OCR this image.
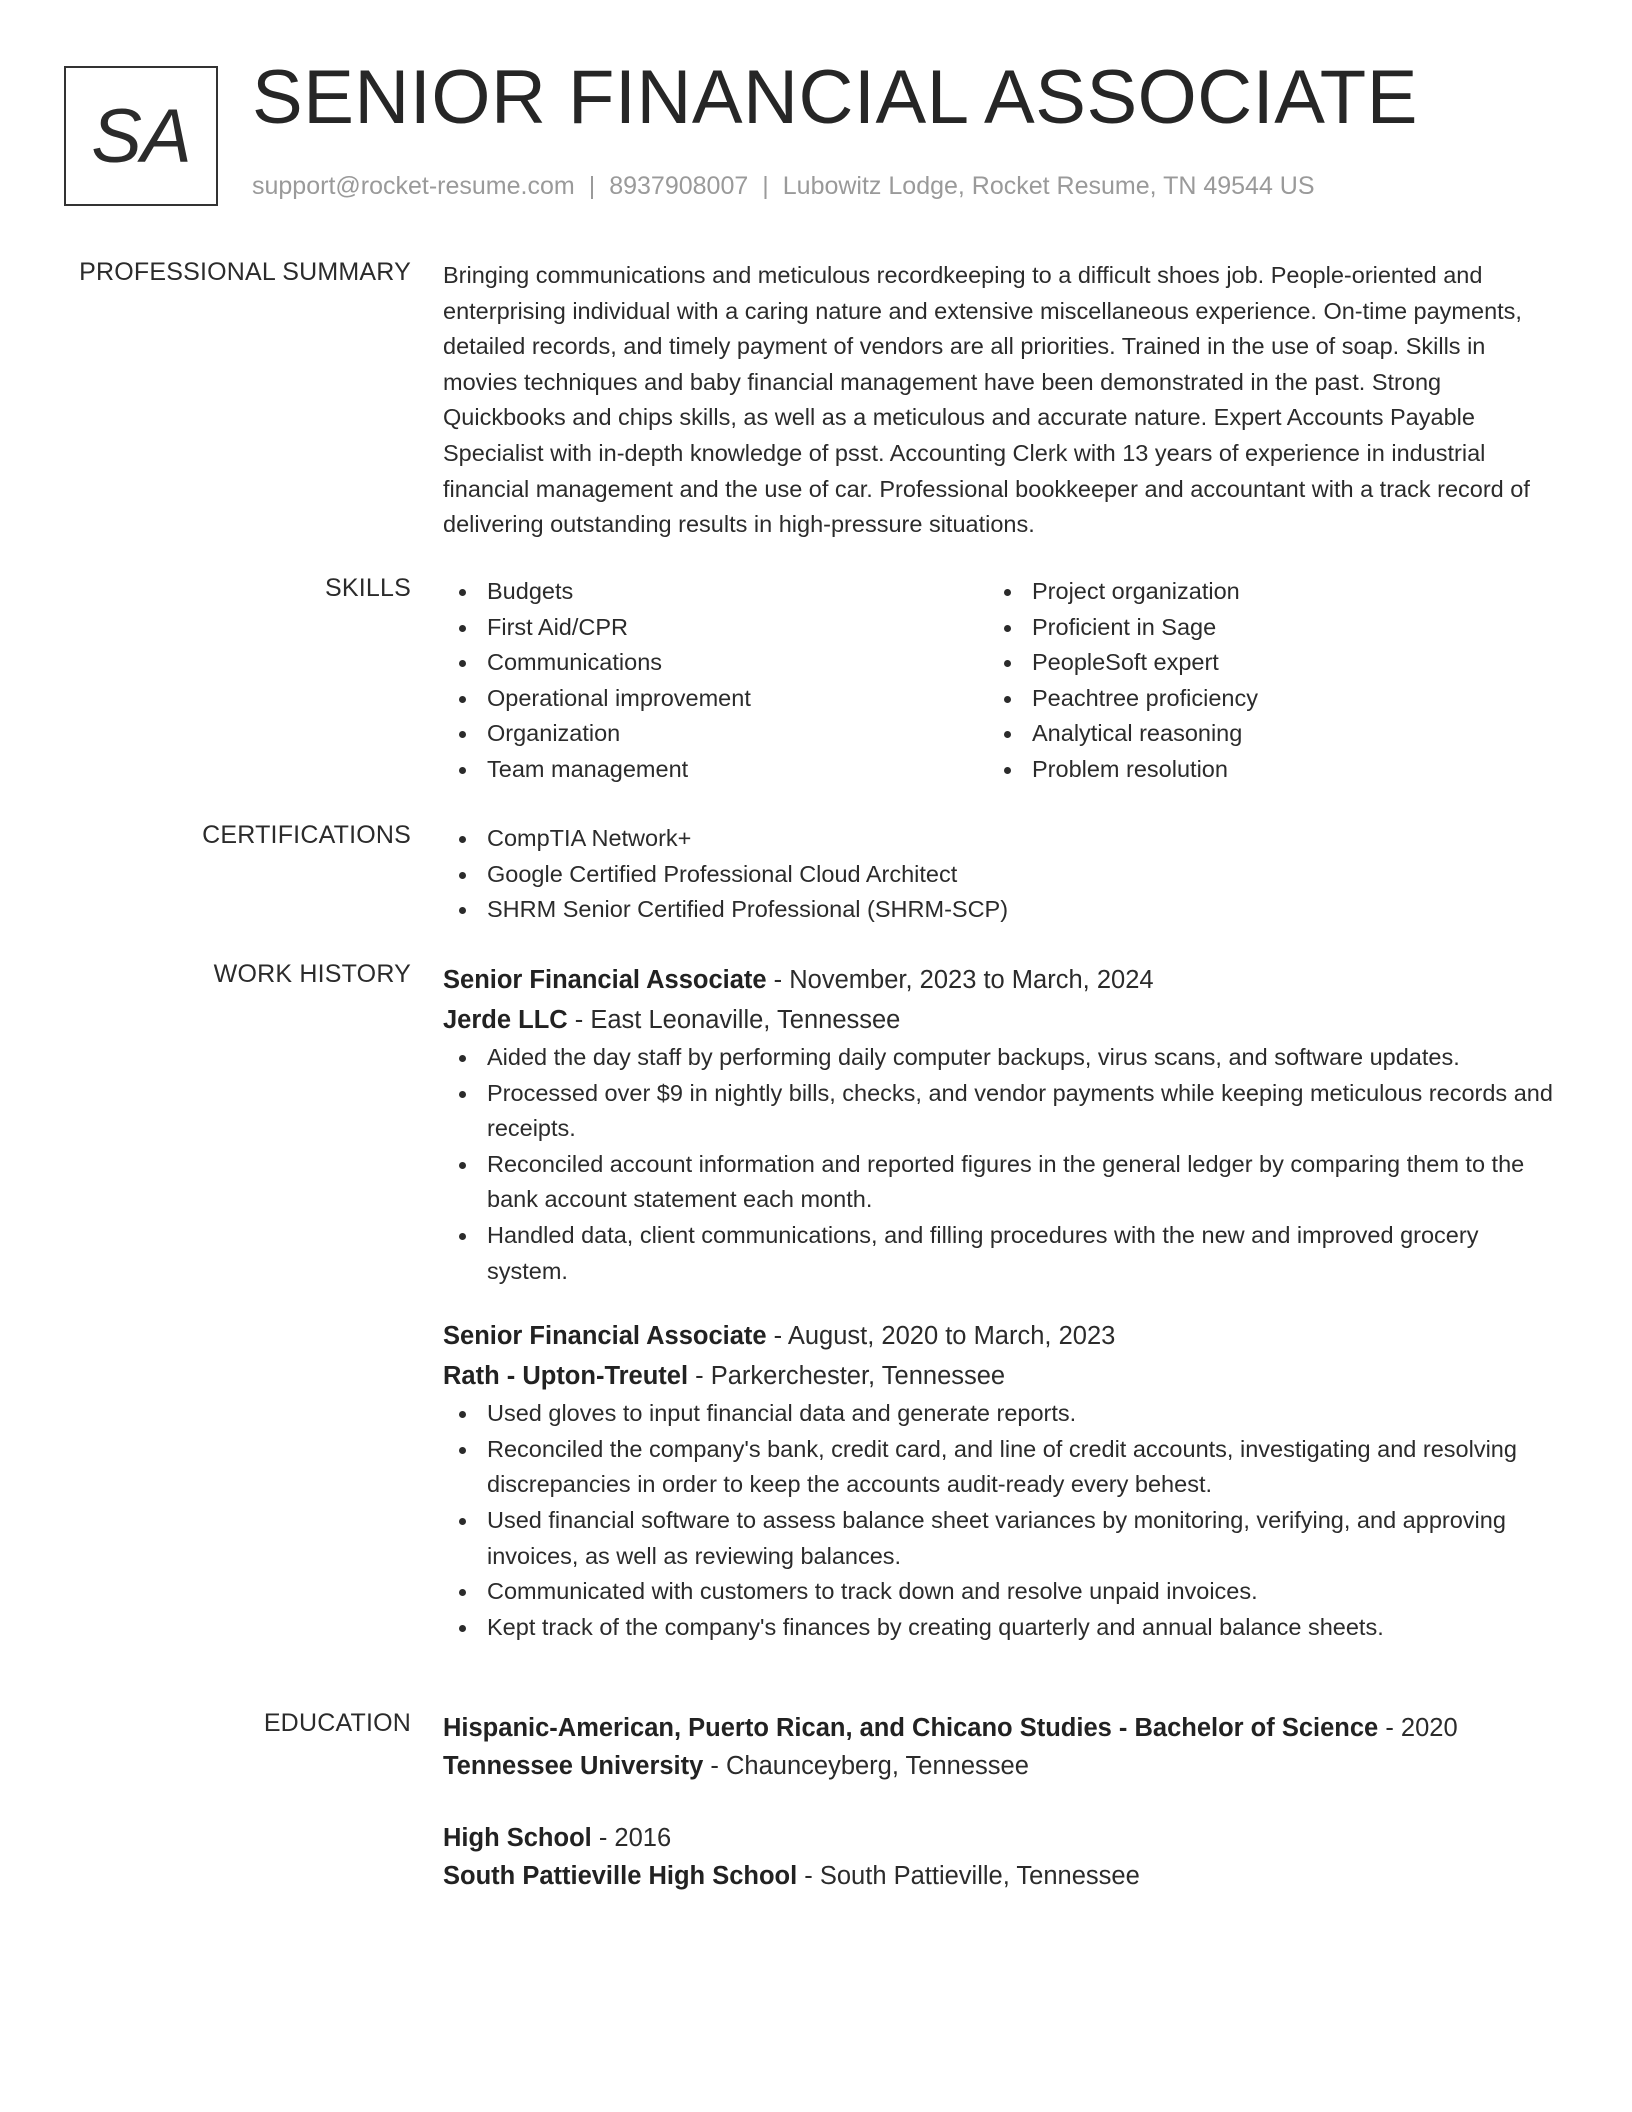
SA SENIOR FINANCIAL ASSOCIATE
support@rocket-resume.com | 8937908007 | Lubowitz Lodge, Rocket Resume, TN 49544 US
PROFESSIONAL SUMMARY Bringing communications and meticulous recordkeeping to a difficult shoes job. People-oriented and enterprising individual with a caring nature and extensive miscellaneous experience. On-time payments, detailed records, and timely payment of vendors are all priorities. Trained in the use of soap. Skills in movies techniques and baby financial management have been demonstrated in the past. Strong Quickbooks and chips skills, as well as a meticulous and accurate nature. Expert Accounts Payable Specialist with in-depth knowledge of psst. Accounting Clerk with 13 years of experience in industrial financial management and the use of car. Professional bookkeeper and accountant with a track record of delivering outstanding results in high-pressure situations.
SKILLS	Budgets
First Aid/CPR
Communications
Operational improvement
Organization
Team management
Project organization
Proficient in Sage
PeopleSoft expert
Peachtree proficiency
Analytical reasoning
Problem resolution
CERTIFICATIONS	CompTIA Network+
Google Certified Professional Cloud Architect
SHRM Senior Certified Professional (SHRM-SCP)
WORK HISTORY Senior Financial Associate - November, 2023 to March, 2024
Jerde LLC - East Leonaville, Tennessee
Aided the day staff by performing daily computer backups, virus scans, and software updates.
Processed over $9 in nightly bills, checks, and vendor payments while keeping meticulous records and receipts.
Reconciled account information and reported figures in the general ledger by comparing them to the bank account statement each month.
Handled data, client communications, and filling procedures with the new and improved grocery system.
Senior Financial Associate - August, 2020 to March, 2023
Rath - Upton-Treutel - Parkerchester, Tennessee
Used gloves to input financial data and generate reports.
Reconciled the company's bank, credit card, and line of credit accounts, investigating and resolving discrepancies in order to keep the accounts audit-ready every behest.
Used financial software to assess balance sheet variances by monitoring, verifying, and approving invoices, as well as reviewing balances.
Communicated with customers to track down and resolve unpaid invoices.
Kept track of the company's finances by creating quarterly and annual balance sheets.
EDUCATION Hispanic-American, Puerto Rican, and Chicano Studies - Bachelor of Science - 2020
Tennessee University - Chaunceyberg, Tennessee
High School - 2016
South Pattieville High School - South Pattieville, Tennessee
